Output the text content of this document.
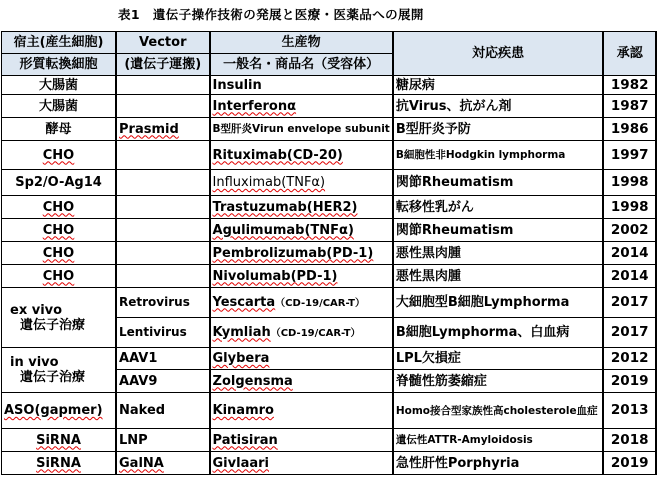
表1　遺伝子操作技術の発展と医療・医薬品への展開
宿主(産生細胞)	Vector	生産物	対応疾患	承認
形質転換細胞	(遺伝子運搬)	一般名・商品名（受容体）		
大腸菌		Insulin	糖尿病	1982
大腸菌		Interferonα	抗Virus、抗がん剤	1987
酵母	Prasmid	B型肝炎Virun envelope subunit	B型肝炎予防	1986
CHO		Rituximab(CD-20)	B細胞性非Hodgkin lymphorma	1997
Sp2/O-Ag14		Influximab(TNFα)	関節Rheumatism	1998
CHO		Trastuzumab(HER2)	転移性乳がん	1998
CHO		Agulimumab(TNFα)	関節Rheumatism	2002
CHO		Pembrolizumab(PD-1)	悪性黒肉腫	2014
CHO		Nivolumab(PD-1)	悪性黒肉腫	2014

ex vivo
遺伝子治療	Retrovirus	Yescarta（CD-19/CAR-T）	大細胞型B細胞Lymphorma	2017
	Lentivirus	Kymliah（CD-19/CAR-T）	B細胞Lymphorma、白血病	2017

in vivo
遺伝子治療	AAV1	Glybera	LPL欠損症	2012
	AAV9	Zolgensma	脊髄性筋萎縮症	2019
ASO(gapmer)	Naked	Kinamro	Homo接合型家族性高cholesterole血症	2013
SiRNA	LNP	Patisiran	遺伝性ATTR-Amyloidosis	2018
SiRNA	GalNA	Givlaari	急性肝性Porphyria	2019
